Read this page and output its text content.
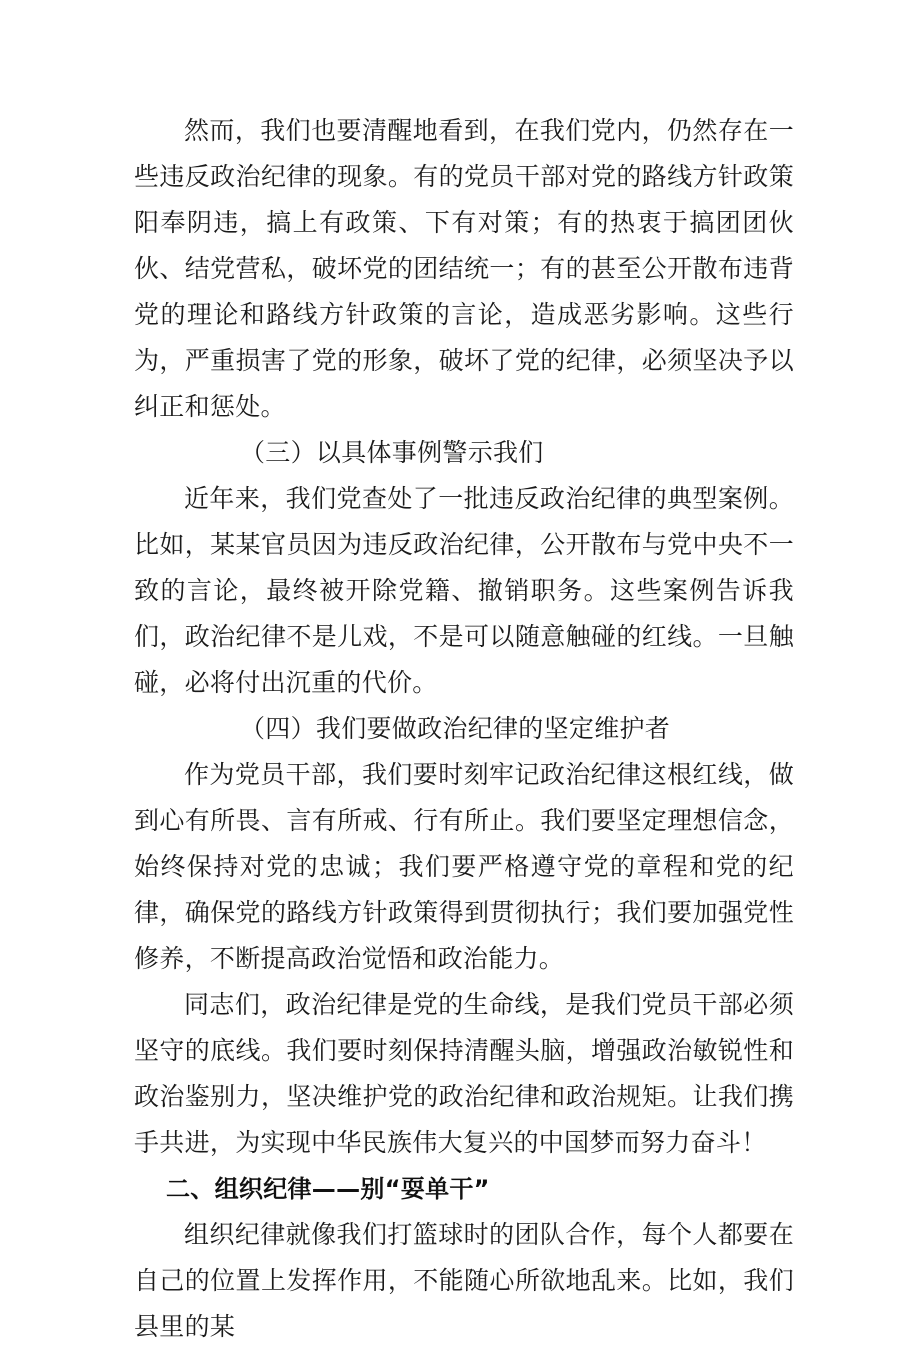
然而，我们也要清醒地看到，在我们党内，仍然存在一些违反政治纪律的现象。有的党员干部对党的路线方针政策阳奉阴违，搞上有政策、下有对策；有的热衷于搞团团伙伙、结党营私，破坏党的团结统一；有的甚至公开散布违背党的理论和路线方针政策的言论，造成恶劣影响。这些行为，严重损害了党的形象，破坏了党的纪律，必须坚决予以纠正和惩处。

（三）以具体事例警示我们

近年来，我们党查处了一批违反政治纪律的典型案例。比如，某某官员因为违反政治纪律，公开散布与党中央不一致的言论，最终被开除党籍、撤销职务。这些案例告诉我们，政治纪律不是儿戏，不是可以随意触碰的红线。一旦触碰，必将付出沉重的代价。

（四）我们要做政治纪律的坚定维护者

作为党员干部，我们要时刻牢记政治纪律这根红线，做到心有所畏、言有所戒、行有所止。我们要坚定理想信念，始终保持对党的忠诚；我们要严格遵守党的章程和党的纪律，确保党的路线方针政策得到贯彻执行；我们要加强党性修养，不断提高政治觉悟和政治能力。

同志们，政治纪律是党的生命线，是我们党员干部必须坚守的底线。我们要时刻保持清醒头脑，增强政治敏锐性和政治鉴别力，坚决维护党的政治纪律和政治规矩。让我们携手共进，为实现中华民族伟大复兴的中国梦而努力奋斗！

二、组织纪律——别“耍单干”

组织纪律就像我们打篮球时的团队合作，每个人都要在自己的位置上发挥作用，不能随心所欲地乱来。比如，我们县里的某
